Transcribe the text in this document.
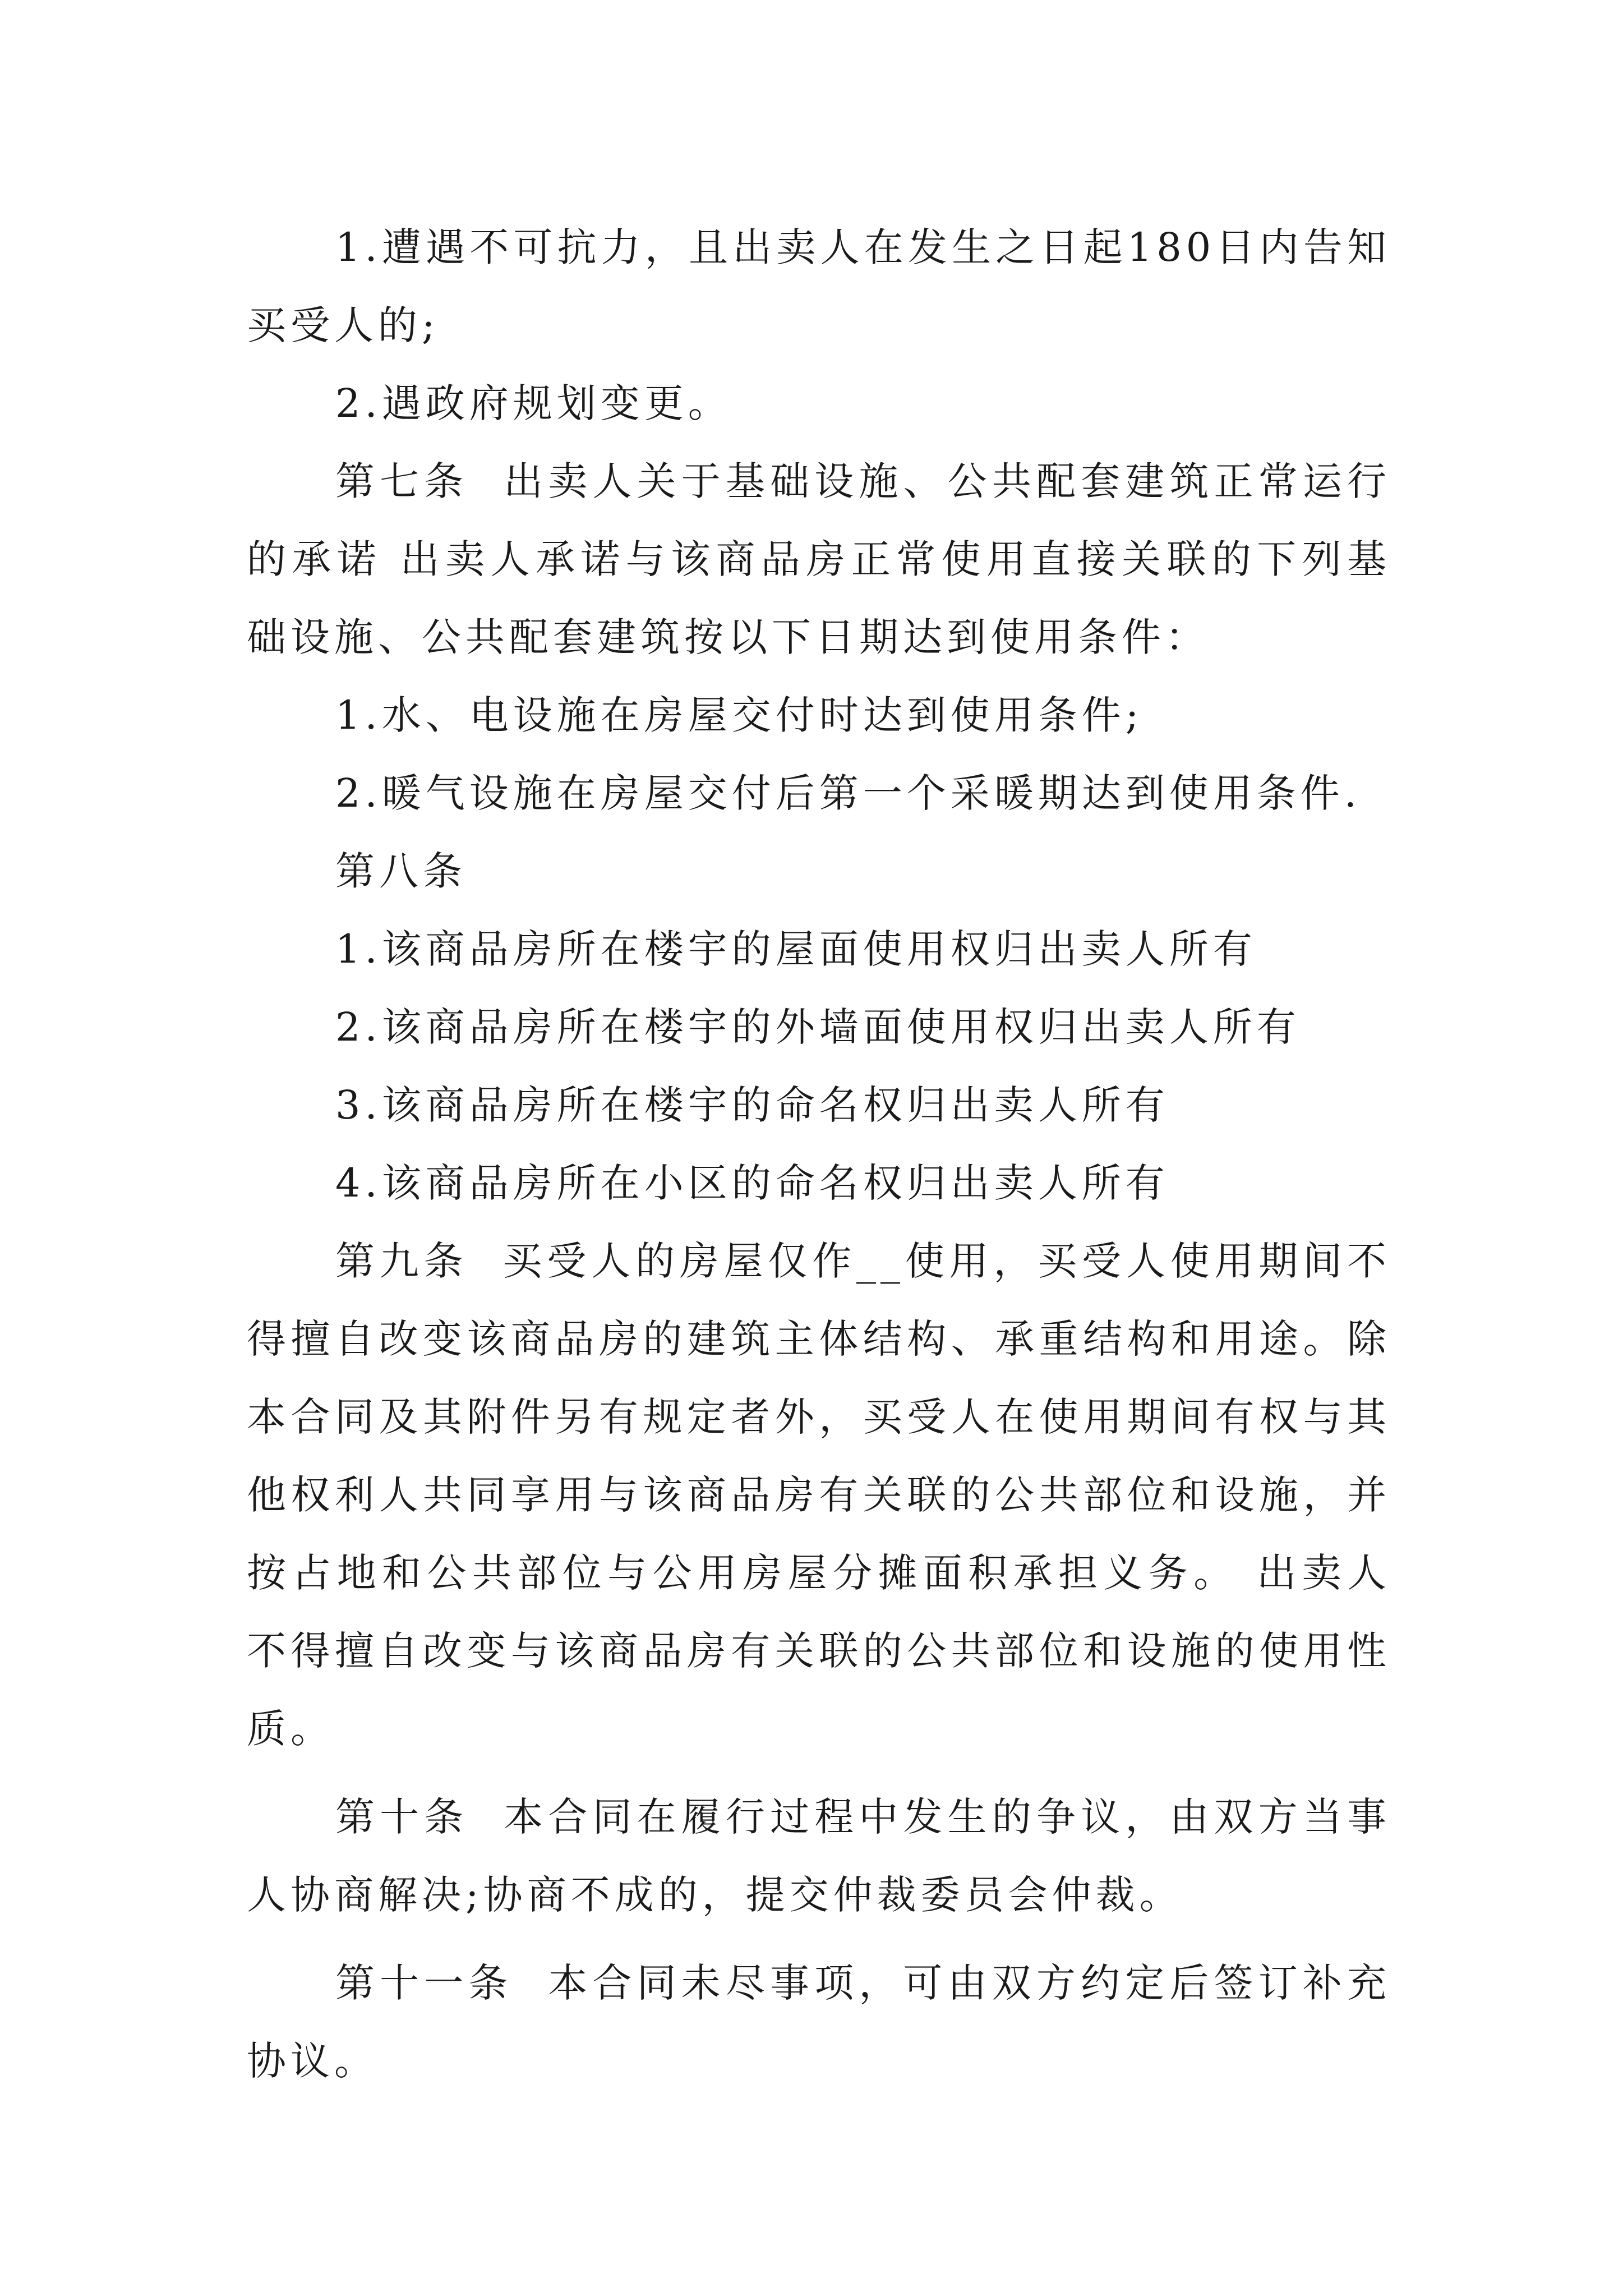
1.遭遇不可抗力，且出卖人在发生之日起180日内告知买受人的;

2.遇政府规划变更。

第七条  出卖人关于基础设施、公共配套建筑正常运行的承诺 出卖人承诺与该商品房正常使用直接关联的下列基础设施、公共配套建筑按以下日期达到使用条件：

1.水、电设施在房屋交付时达到使用条件;

2.暖气设施在房屋交付后第一个采暖期达到使用条件.

第八条

1.该商品房所在楼宇的屋面使用权归出卖人所有

2.该商品房所在楼宇的外墙面使用权归出卖人所有

3.该商品房所在楼宇的命名权归出卖人所有

4.该商品房所在小区的命名权归出卖人所有

第九条  买受人的房屋仅作__使用，买受人使用期间不得擅自改变该商品房的建筑主体结构、承重结构和用途。除本合同及其附件另有规定者外，买受人在使用期间有权与其他权利人共同享用与该商品房有关联的公共部位和设施，并按占地和公共部位与公用房屋分摊面积承担义务。 出卖人不得擅自改变与该商品房有关联的公共部位和设施的使用性质。

第十条  本合同在履行过程中发生的争议，由双方当事人协商解决;协商不成的，提交仲裁委员会仲裁。

第十一条  本合同未尽事项，可由双方约定后签订补充协议。
